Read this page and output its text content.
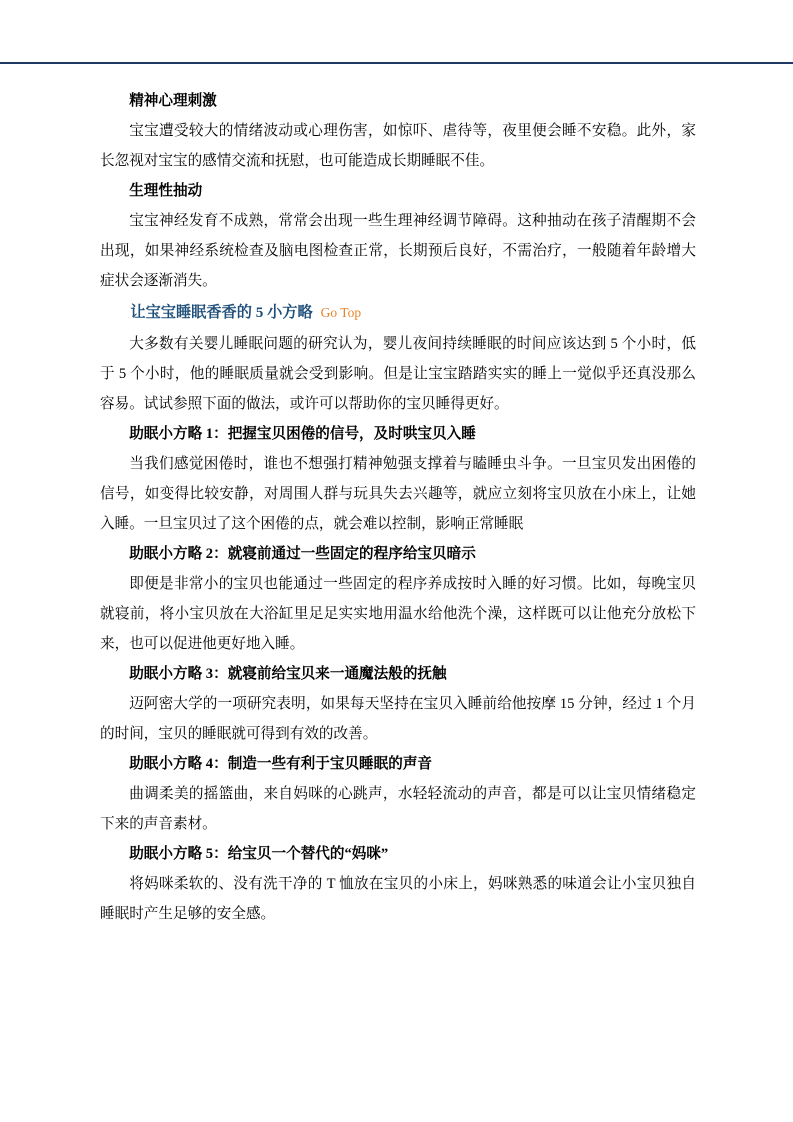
精神心理刺激

宝宝遭受较大的情绪波动或心理伤害，如惊吓、虐待等，夜里便会睡不安稳。此外，家长忽视对宝宝的感情交流和抚慰，也可能造成长期睡眠不佳。

生理性抽动

宝宝神经发育不成熟，常常会出现一些生理神经调节障碍。这种抽动在孩子清醒期不会出现，如果神经系统检查及脑电图检查正常，长期预后良好，不需治疗，一般随着年龄增大症状会逐渐消失。

让宝宝睡眠香香的 5 小方略 Go Top

大多数有关婴儿睡眠问题的研究认为，婴儿夜间持续睡眠的时间应该达到 5 个小时，低于 5 个小时，他的睡眠质量就会受到影响。但是让宝宝踏踏实实的睡上一觉似乎还真没那么容易。试试参照下面的做法，或许可以帮助你的宝贝睡得更好。

助眠小方略 1：把握宝贝困倦的信号，及时哄宝贝入睡

当我们感觉困倦时，谁也不想强打精神勉强支撑着与瞌睡虫斗争。一旦宝贝发出困倦的信号，如变得比较安静，对周围人群与玩具失去兴趣等，就应立刻将宝贝放在小床上，让她入睡。一旦宝贝过了这个困倦的点，就会难以控制，影响正常睡眠

助眠小方略 2：就寝前通过一些固定的程序给宝贝暗示

即便是非常小的宝贝也能通过一些固定的程序养成按时入睡的好习惯。比如，每晚宝贝就寝前，将小宝贝放在大浴缸里足足实实地用温水给他洗个澡，这样既可以让他充分放松下来，也可以促进他更好地入睡。

助眠小方略 3：就寝前给宝贝来一通魔法般的抚触

迈阿密大学的一项研究表明，如果每天坚持在宝贝入睡前给他按摩 15 分钟，经过 1 个月的时间，宝贝的睡眠就可得到有效的改善。

助眠小方略 4：制造一些有利于宝贝睡眠的声音

曲调柔美的摇篮曲，来自妈咪的心跳声，水轻轻流动的声音，都是可以让宝贝情绪稳定下来的声音素材。

助眠小方略 5：给宝贝一个替代的“妈咪”

将妈咪柔软的、没有洗干净的 T 恤放在宝贝的小床上，妈咪熟悉的味道会让小宝贝独自睡眠时产生足够的安全感。
